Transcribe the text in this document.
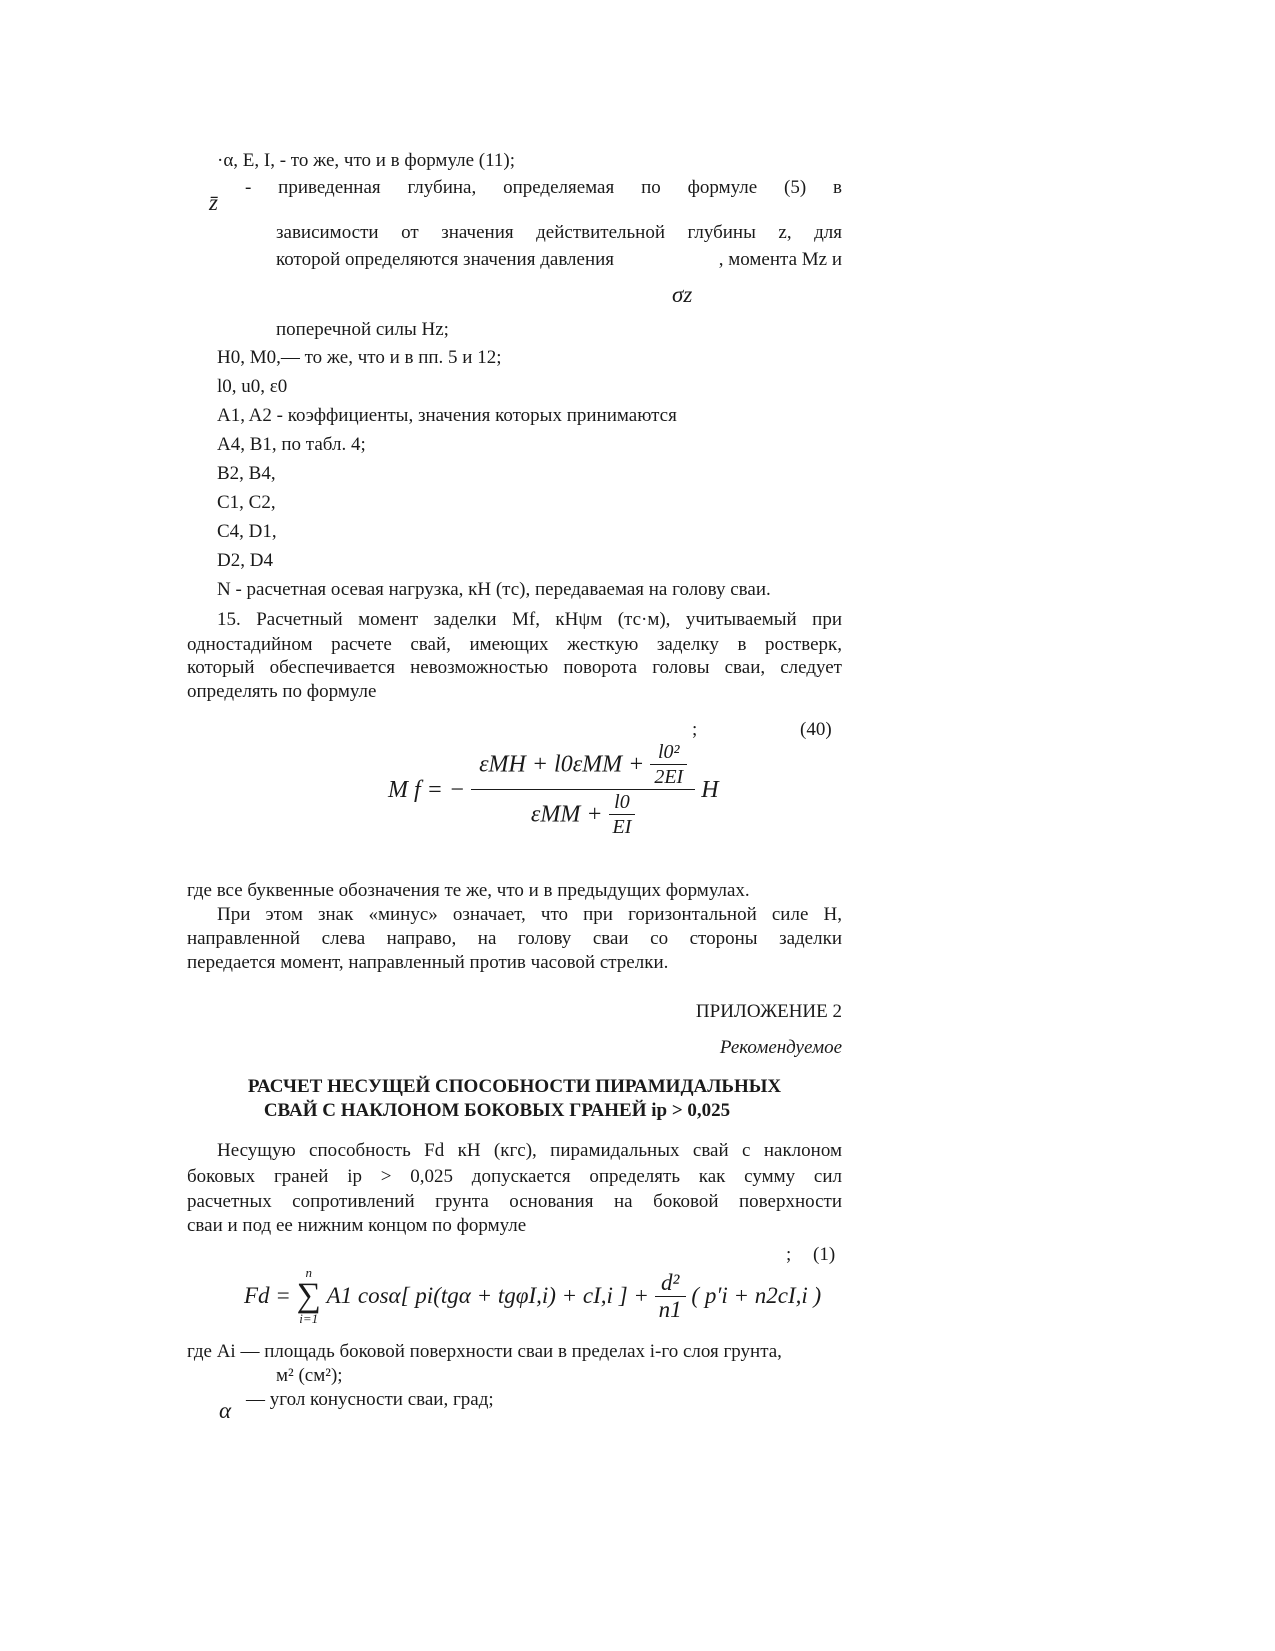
·α, E, I, - то же, что и в формуле (11);
z̄
- приведенная глубина, определяемая по формуле (5) в
зависимости от значения действительной глубины z, для
которой определяются значения давления	, момента Mz и
σz
поперечной силы Hz;
H0, M0,— то же, что и в пп. 5 и 12;
l0, u0, ε0
A1, A2 - коэффициенты, значения которых принимаются
A4, B1, по табл. 4;
B2, B4,
C1, C2,
C4, D1,
D2, D4
N - расчетная осевая нагрузка, кН (тс), передаваемая на голову сваи.
15. Расчетный момент заделки Mf, кНψм (тс·м), учитываемый при
одностадийном расчете свай, имеющих жесткую заделку в ростверк,
который обеспечивается невозможностью поворота головы сваи, следует
определять по формуле
;	(40)
M f = − $\frac{\varepsilon MH + l0\varepsilon MM + \frac{\text{l0²}}{2EI}}{\varepsilon MM + \frac{l0}{EI}}$ H
где все буквенные обозначения те же, что и в предыдущих формулах.
При этом знак «минус» означает, что при горизонтальной силе H,
направленной слева направо, на голову сваи со стороны заделки
передается момент, направленный против часовой стрелки.
ПРИЛОЖЕНИЕ 2
Рекомендуемое
РАСЧЕТ НЕСУЩЕЙ СПОСОБНОСТИ ПИРАМИДАЛЬНЫХ
СВАЙ С НАКЛОНОМ БОКОВЫХ ГРАНЕЙ ip > 0,025
Несущую способность Fd кН (кгс), пирамидальных свай с наклоном
боковых граней ip > 0,025 допускается определять как сумму сил
расчетных сопротивлений грунта основания на боковой поверхности
сваи и под ее нижним концом по формуле
; (1)
Fd =
n
∑
i=1
A1 cosα[ pi(tgα + tgφI,i) + cI,i ] + $\frac{\text{d²}}{n1}$ ( p′i + n2cI,i )
где Ai — площадь боковой поверхности сваи в пределах i-го слоя грунта,
м² (см²);
α — угол конусности сваи, град;
